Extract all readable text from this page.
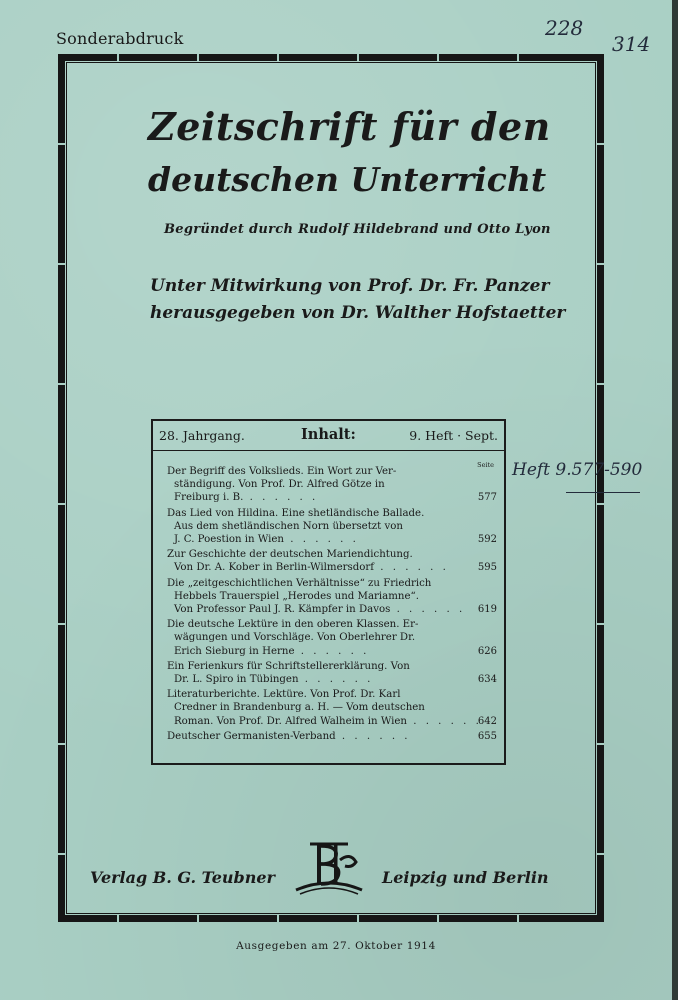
Sonderabdruck	228
314
Zeitschrift für den
deutschen Unterricht
Begründet durch Rudolf Hildebrand und Otto Lyon
Unter Mitwirkung von Prof. Dr. Fr. Panzer
herausgegeben von Dr. Walther Hofstaetter
28. Jahrgang.	Inhalt:	9. Heft · Sept.
Seite
Der Begriff des Volkslieds. Ein Wort zur Ver-
ständigung. Von Prof. Dr. Alfred Götze in
Freiburg i. B. . . . . . .	577
Das Lied von Hildina. Eine shetländische Ballade.
Aus dem shetländischen Norn übersetzt von
J. C. Poestion in Wien . . . . . .	592
Zur Geschichte der deutschen Mariendichtung.
Von Dr. A. Kober in Berlin-Wilmersdorf . . . . . .	595
Die „zeitgeschichtlichen Verhältnisse“ zu Friedrich
Hebbels Trauerspiel „Herodes und Mariamne“.
Von Professor Paul J. R. Kämpfer in Davos . . . . . . 619
Die deutsche Lektüre in den oberen Klassen. Er-
wägungen und Vorschläge. Von Oberlehrer Dr.
Erich Sieburg in Herne . . . . . .	626
Ein Ferienkurs für Schriftstellererklärung. Von
Dr. L. Spiro in Tübingen . . . . . .	634
Literaturberichte. Lektüre. Von Prof. Dr. Karl
Credner in Brandenburg a. H. — Vom deutschen
Roman. Von Prof. Dr. Alfred Walheim in Wien . . . . . .
642
Deutscher Germanisten-Verband . . . . . .	655
Heft 9.577-590
Verlag B. G. Teubner
BGT
Leipzig und Berlin
Ausgegeben am 27. Oktober 1914
